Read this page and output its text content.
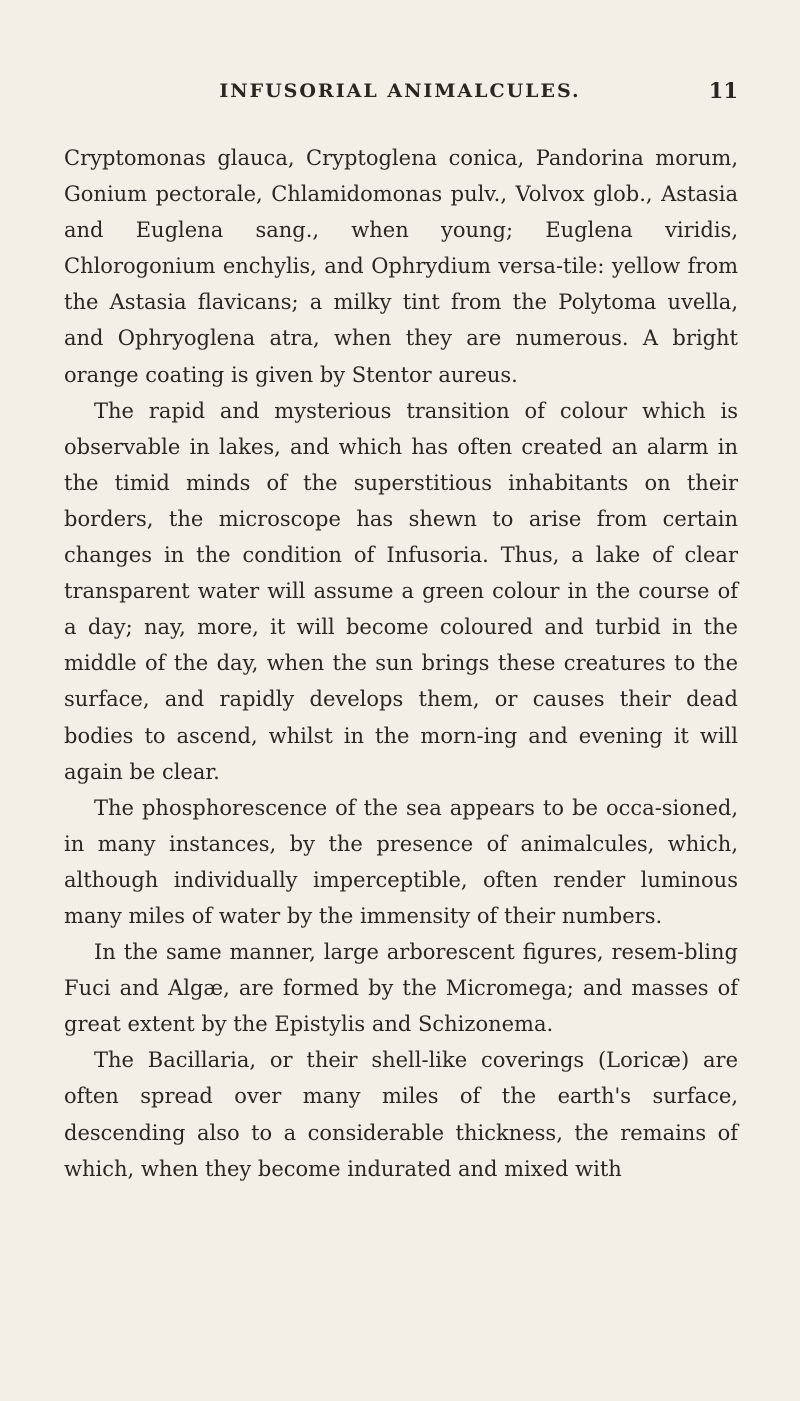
INFUSORIAL ANIMALCULES.	11

Cryptomonas glauca, Cryptoglena conica, Pandorina morum, Gonium pectorale, Chlamidomonas pulv., Volvox glob., Astasia and Euglena sang., when young; Euglena viridis, Chlorogonium enchylis, and Ophrydium versa-tile: yellow from the Astasia flavicans; a milky tint from the Polytoma uvella, and Ophryoglena atra, when they are numerous. A bright orange coating is given by Stentor aureus.

The rapid and mysterious transition of colour which is observable in lakes, and which has often created an alarm in the timid minds of the superstitious inhabitants on their borders, the microscope has shewn to arise from certain changes in the condition of Infusoria. Thus, a lake of clear transparent water will assume a green colour in the course of a day; nay, more, it will become coloured and turbid in the middle of the day, when the sun brings these creatures to the surface, and rapidly develops them, or causes their dead bodies to ascend, whilst in the morn-ing and evening it will again be clear.

The phosphorescence of the sea appears to be occa-sioned, in many instances, by the presence of animalcules, which, although individually imperceptible, often render luminous many miles of water by the immensity of their numbers.

In the same manner, large arborescent figures, resem-bling Fuci and Algæ, are formed by the Micromega; and masses of great extent by the Epistylis and Schizonema.

The Bacillaria, or their shell-like coverings (Loricæ) are often spread over many miles of the earth's surface, descending also to a considerable thickness, the remains of which, when they become indurated and mixed with
